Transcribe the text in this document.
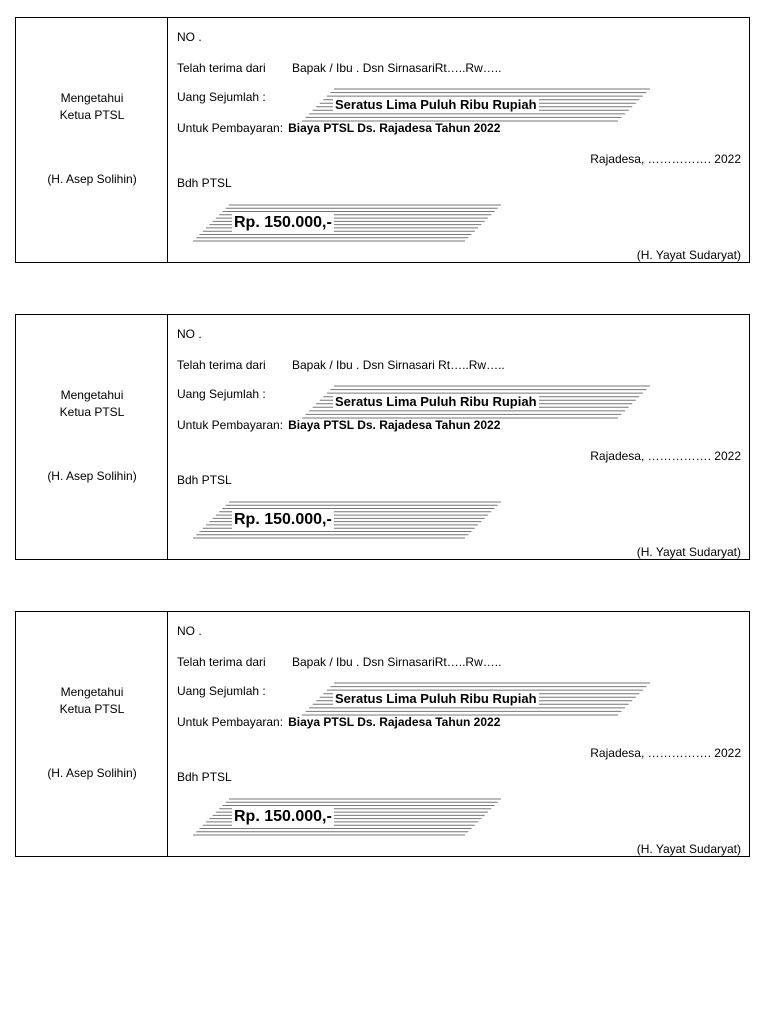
Mengetahui
Ketua PTSL
(H. Asep Solihin)
NO .
Telah terima dari Bapak / Ibu . Dsn SirnasariRt…..Rw…..
Uang Sejumlah :	Seratus Lima Puluh Ribu Rupiah
Untuk Pembayaran: Biaya PTSL Ds. Rajadesa Tahun 2022
Rajadesa, ……………. 2022
Bdh PTSL
Rp. 150.000,-
(H. Yayat Sudaryat)
Mengetahui
Ketua PTSL
(H. Asep Solihin)
NO .
Telah terima dari Bapak / Ibu . Dsn Sirnasari Rt…..Rw…..
Uang Sejumlah :	Seratus Lima Puluh Ribu Rupiah
Untuk Pembayaran: Biaya PTSL Ds. Rajadesa Tahun 2022
Rajadesa, ……………. 2022
Bdh PTSL
Rp. 150.000,-
(H. Yayat Sudaryat)
Mengetahui
Ketua PTSL
(H. Asep Solihin)
NO .
Telah terima dari Bapak / Ibu . Dsn SirnasariRt…..Rw…..
Uang Sejumlah :	Seratus Lima Puluh Ribu Rupiah
Untuk Pembayaran: Biaya PTSL Ds. Rajadesa Tahun 2022
Rajadesa, ……………. 2022
Bdh PTSL
Rp. 150.000,-
(H. Yayat Sudaryat)
